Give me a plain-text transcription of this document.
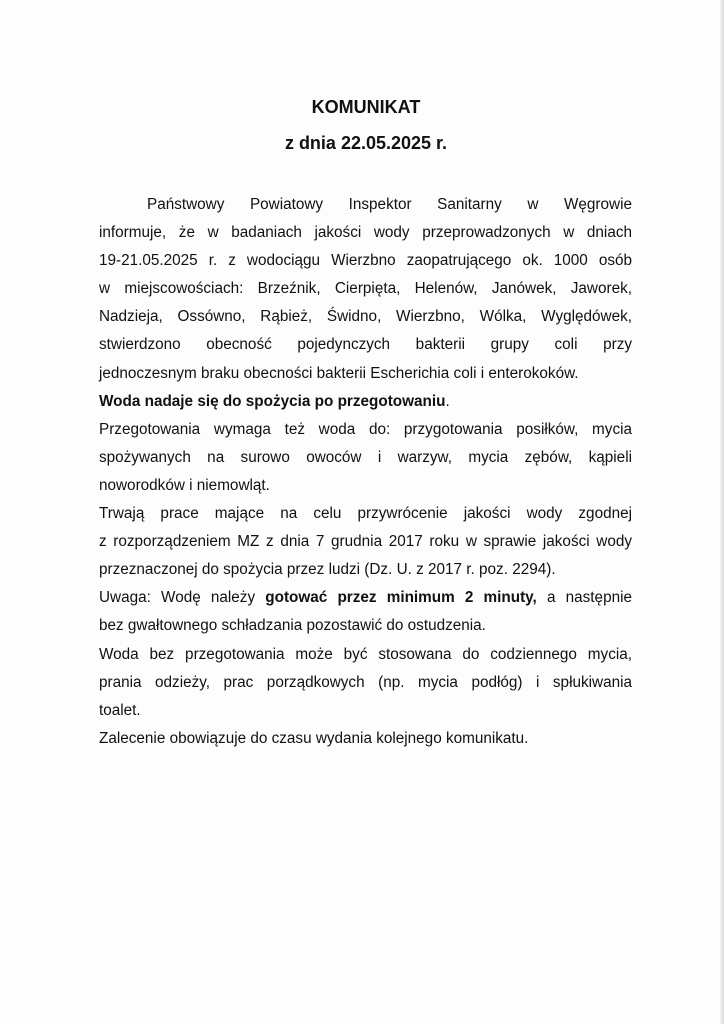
KOMUNIKAT
z dnia 22.05.2025 r.
Państwowy Powiatowy Inspektor Sanitarny w Węgrowie
informuje, że w badaniach jakości wody przeprowadzonych w dniach
19-21.05.2025 r. z wodociągu Wierzbno zaopatrującego ok. 1000 osób
w miejscowościach: Brzeźnik, Cierpięta, Helenów, Janówek, Jaworek,
Nadzieja, Ossówno, Rąbież, Świdno, Wierzbno, Wólka, Wyględówek,
stwierdzono obecność pojedynczych bakterii grupy coli przy
jednoczesnym braku obecności bakterii Escherichia coli i enterokoków.
Woda nadaje się do spożycia po przegotowaniu.
Przegotowania wymaga też woda do: przygotowania posiłków, mycia
spożywanych na surowo owoców i warzyw, mycia zębów, kąpieli
noworodków i niemowląt.
Trwają prace mające na celu przywrócenie jakości wody zgodnej
z rozporządzeniem MZ z dnia 7 grudnia 2017 roku w sprawie jakości wody
przeznaczonej do spożycia przez ludzi (Dz. U. z 2017 r. poz. 2294).
Uwaga: Wodę należy gotować przez minimum 2 minuty, a następnie
bez gwałtownego schładzania pozostawić do ostudzenia.
Woda bez przegotowania może być stosowana do codziennego mycia,
prania odzieży, prac porządkowych (np. mycia podłóg) i spłukiwania
toalet.
Zalecenie obowiązuje do czasu wydania kolejnego komunikatu.
